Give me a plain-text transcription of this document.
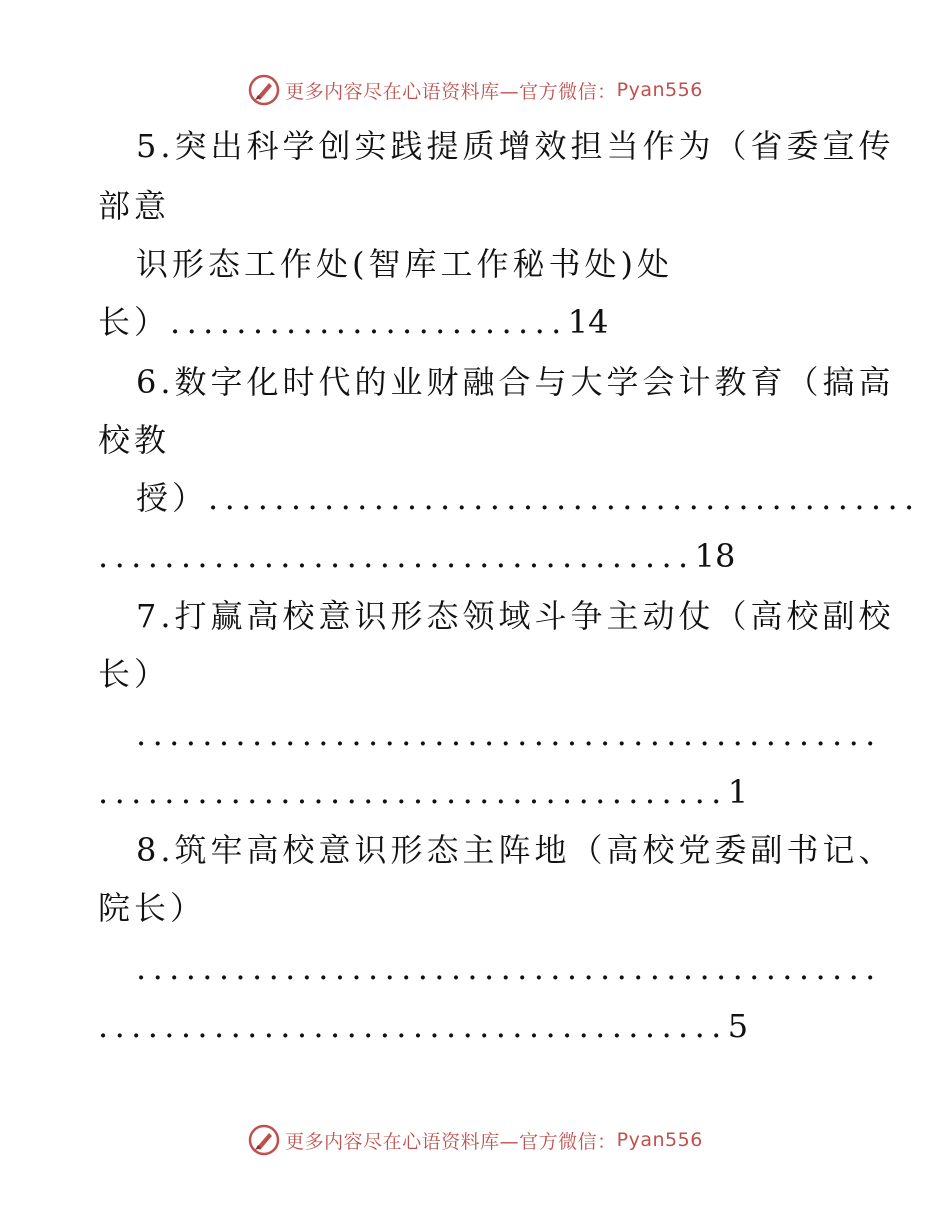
更多内容尽在心语资料库—官方微信： Pyan556
5.突出科学创实践提质增效担当作为（省委宣传
部意
识形态工作处(智库工作秘书处)处
长）........................14
6.数字化时代的业财融合与大学会计教育（搞高
校教
授）...........................................
....................................18
7.打赢高校意识形态领域斗争主动仗（高校副校
长）
.............................................
......................................1
8.筑牢高校意识形态主阵地（高校党委副书记、
院长）
.............................................
......................................5
更多内容尽在心语资料库—官方微信： Pyan556
